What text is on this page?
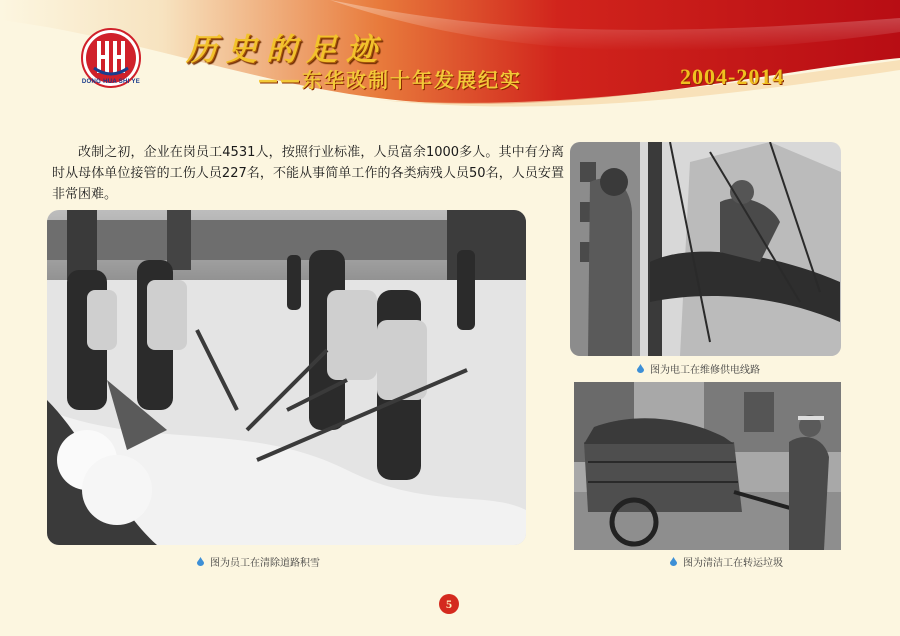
DONG HUA SHI YE
历史的足迹
——东华改制十年发展纪实	2004-2014

改制之初，企业在岗员工4531人，按照行业标准，人员富余1000多人。其中有分离时从母体单位接管的工伤人员227名，不能从事简单工作的各类病残人员50名，人员安置非常困难。

图为员工在清除道路积雪
图为电工在维修供电线路
图为清洁工在转运垃圾
5
